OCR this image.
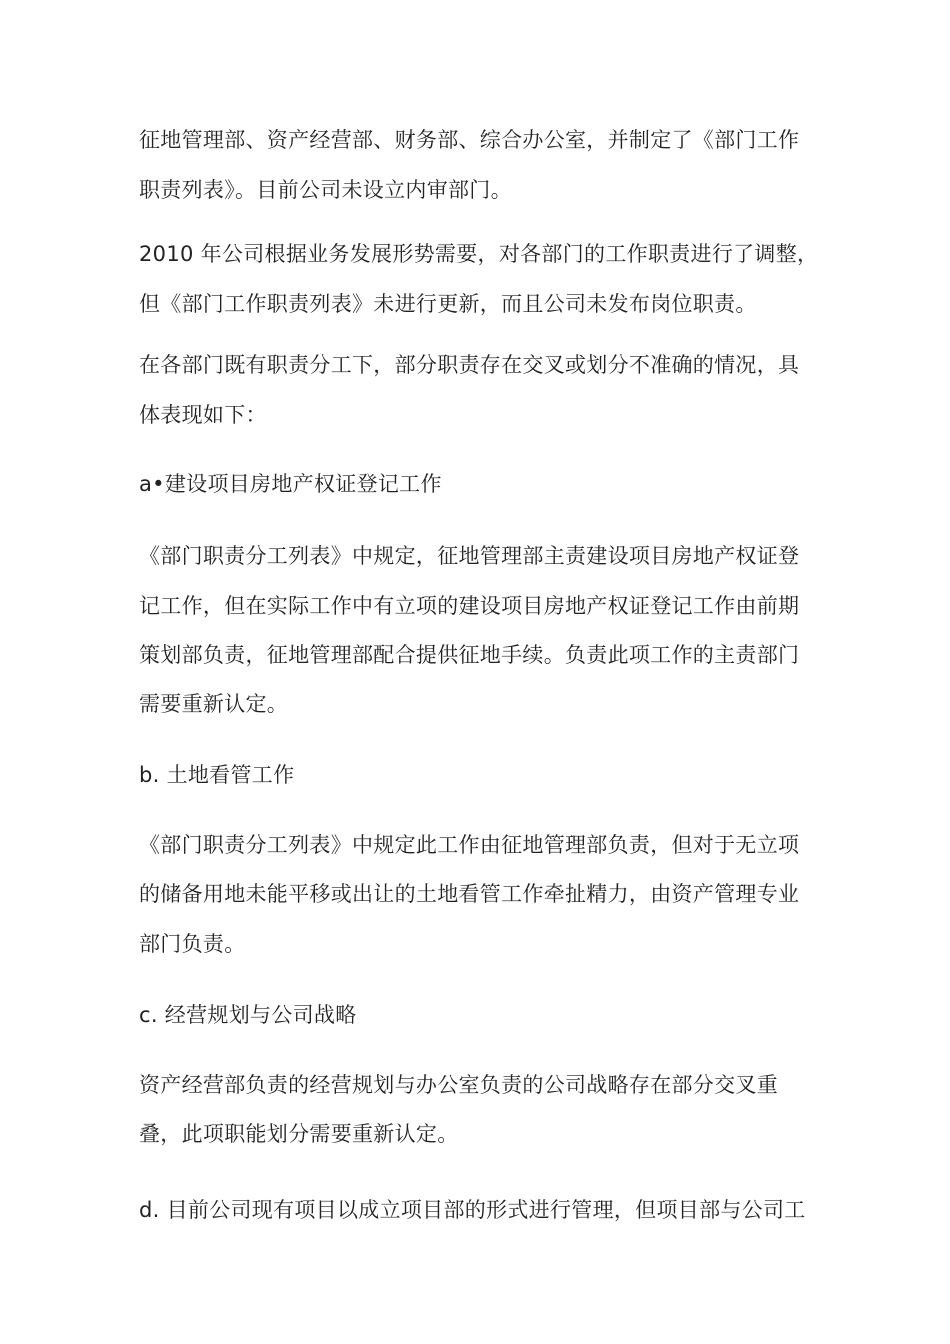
征地管理部、资产经营部、财务部、综合办公室，并制定了《部门工作
职责列表》。目前公司未设立内审部门。
2010 年公司根据业务发展形势需要，对各部门的工作职责进行了调整，
但《部门工作职责列表》未进行更新，而且公司未发布岗位职责。
在各部门既有职责分工下，部分职责存在交叉或划分不准确的情况，具
体表现如下：
a•建设项目房地产权证登记工作
《部门职责分工列表》中规定，征地管理部主责建设项目房地产权证登
记工作，但在实际工作中有立项的建设项目房地产权证登记工作由前期
策划部负责，征地管理部配合提供征地手续。负责此项工作的主责部门
需要重新认定。
b. 土地看管工作
《部门职责分工列表》中规定此工作由征地管理部负责，但对于无立项
的储备用地未能平移或出让的土地看管工作牵扯精力，由资产管理专业
部门负责。
c. 经营规划与公司战略
资产经营部负责的经营规划与办公室负责的公司战略存在部分交叉重
叠，此项职能划分需要重新认定。
d. 目前公司现有项目以成立项目部的形式进行管理，但项目部与公司工
